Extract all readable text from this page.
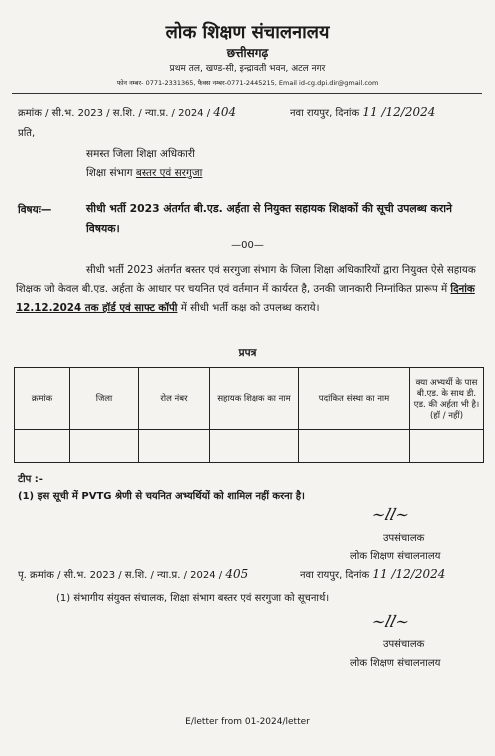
लोक शिक्षण संचालनालय
छत्तीसगढ़
प्रथम तल, खण्ड-सी, इन्द्रावती भवन, अटल नगर
फोन नम्बर- 0771-2331365, फैक्स नम्बर-0771-2445215, Email id-cg.dpi.dir@gmail.com
क्रमांक / सी.भ. 2023 / स.शि. / न्या.प्र. / 2024 / 404	नवा रायपुर, दिनांक 11 /12/2024
प्रति,
समस्त जिला शिक्षा अधिकारी
शिक्षा संभाग बस्तर एवं सरगुजा
विषयः—	सीधी भर्ती 2023 अंतर्गत बी.एड. अर्हता से नियुक्त सहायक शिक्षकों की सूची उपलब्ध कराने विषयक।
—00—
सीधी भर्ती 2023 अंतर्गत बस्तर एवं सरगुजा संभाग के जिला शिक्षा अधिकारियों द्वारा नियुक्त ऐसे सहायक शिक्षक जो केवल बी.एड. अर्हता के आधार पर चयनित एवं वर्तमान में कार्यरत है, उनकी जानकारी निम्नांकित प्रारूप में दिनांक 12.12.2024 तक हॉर्ड एवं साफ्ट कॉपी में सीधी भर्ती कक्ष को उपलब्ध कराये।
प्रपत्र
क्रमांक	जिला	रोल नंबर	सहायक शिक्षक का नाम	पदांकित संस्था का नाम	क्या अभ्यर्थी के पास बी.एड. के साथ डी. एड. की अर्हता भी है। (हॉ / नहीं)

टीप :-
(1) इस सूची में PVTG श्रेणी से चयनित अभ्यर्थियों को शामिल नहीं करना है।
~ll~
उपसंचालक
लोक शिक्षण संचालनालय
पृ. क्रमांक / सी.भ. 2023 / स.शि. / न्या.प्र. / 2024 / 405	नवा रायपुर, दिनांक 11 /12/2024
(1) संभागीय संयुक्त संचालक, शिक्षा संभाग बस्तर एवं सरगुजा को सूचनार्थ।
~ll~
उपसंचालक
लोक शिक्षण संचालनालय
E/letter from 01-2024/letter
